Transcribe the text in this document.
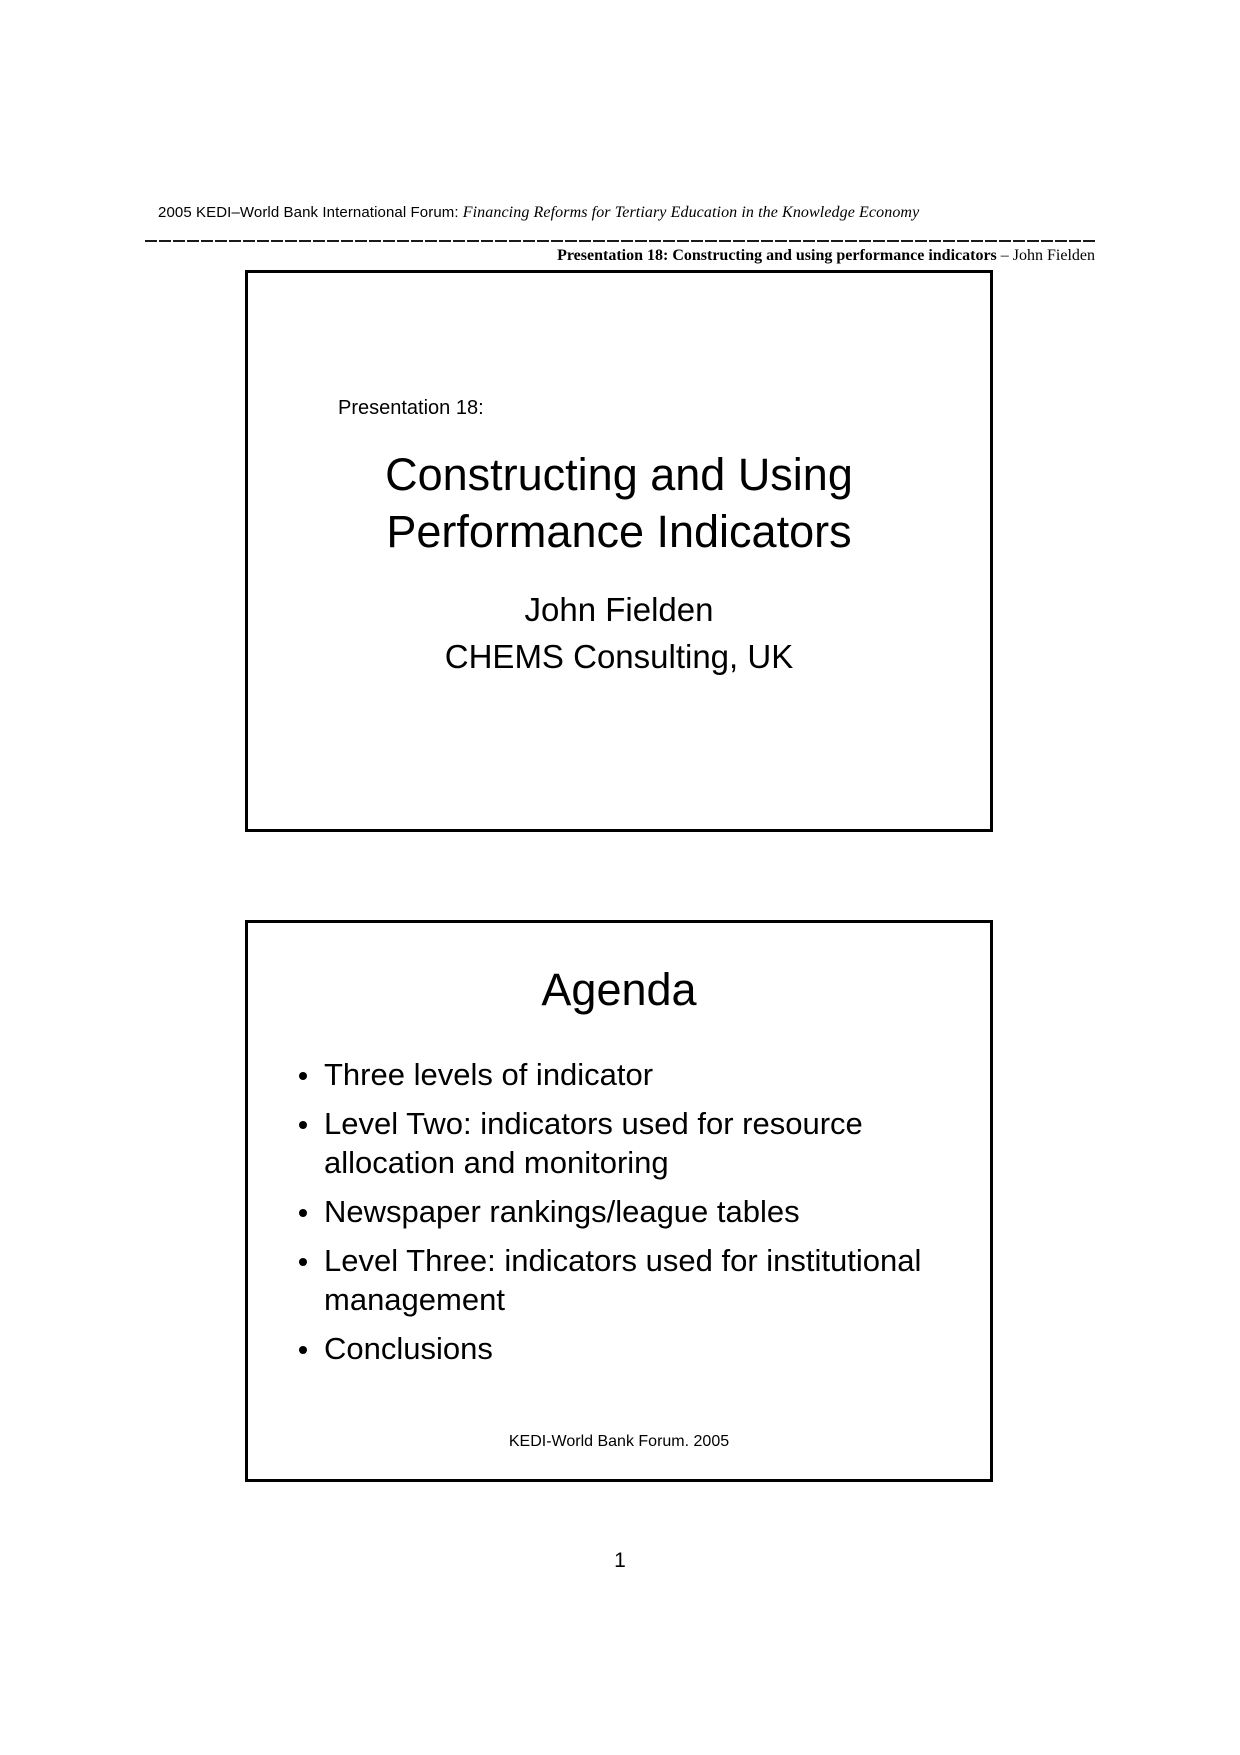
2005 KEDI–World Bank International Forum: Financing Reforms for Tertiary Education in the Knowledge Economy
Presentation 18: Constructing and using performance indicators – John Fielden
Presentation 18:
Constructing and Using
Performance Indicators
John Fielden
CHEMS Consulting, UK
Agenda
Three levels of indicator
Level Two: indicators used for resource allocation and monitoring
Newspaper rankings/league tables
Level Three: indicators used for institutional management
Conclusions
KEDI-World Bank Forum. 2005
1
